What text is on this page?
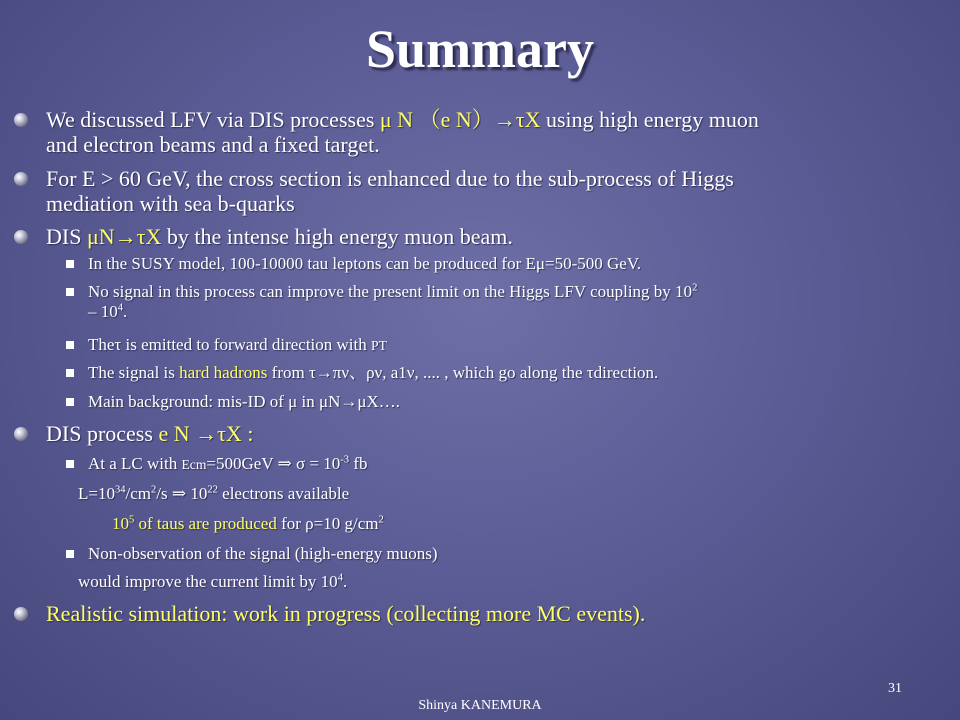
Summary
We discussed LFV via DIS processes μ N （e N）→τX using high energy muon
and electron beams and a fixed target.
For E > 60 GeV, the cross section is enhanced due to the sub-process of Higgs
mediation with sea b-quarks
DIS μN→τX by the intense high energy muon beam.
In the SUSY model, 100-10000 tau leptons can be produced for Eμ=50-500 GeV.
No signal in this process can improve the present limit on the Higgs LFV coupling by $10^2$
– $10^4$.
Theτ is emitted to forward direction with PT
The signal is hard hadrons from τ→πν、ρν, a1ν, .... , which go along the τdirection.
Main background: mis-ID of μ in μN→μX….
DIS process e N →τX :
At a LC with Ecm=500GeV ⇒ $\sigma = 10^{-3}$ fb
$L=10^{34}/cm^2/s$ ⇒ $10^{22}$ electrons available
$10^5$ of taus are produced for ρ=10 $g/cm^2$
Non-observation of the signal (high-energy muons)
would improve the current limit by $10^4$.
Realistic simulation: work in progress (collecting more MC events).
31
Shinya KANEMURA
